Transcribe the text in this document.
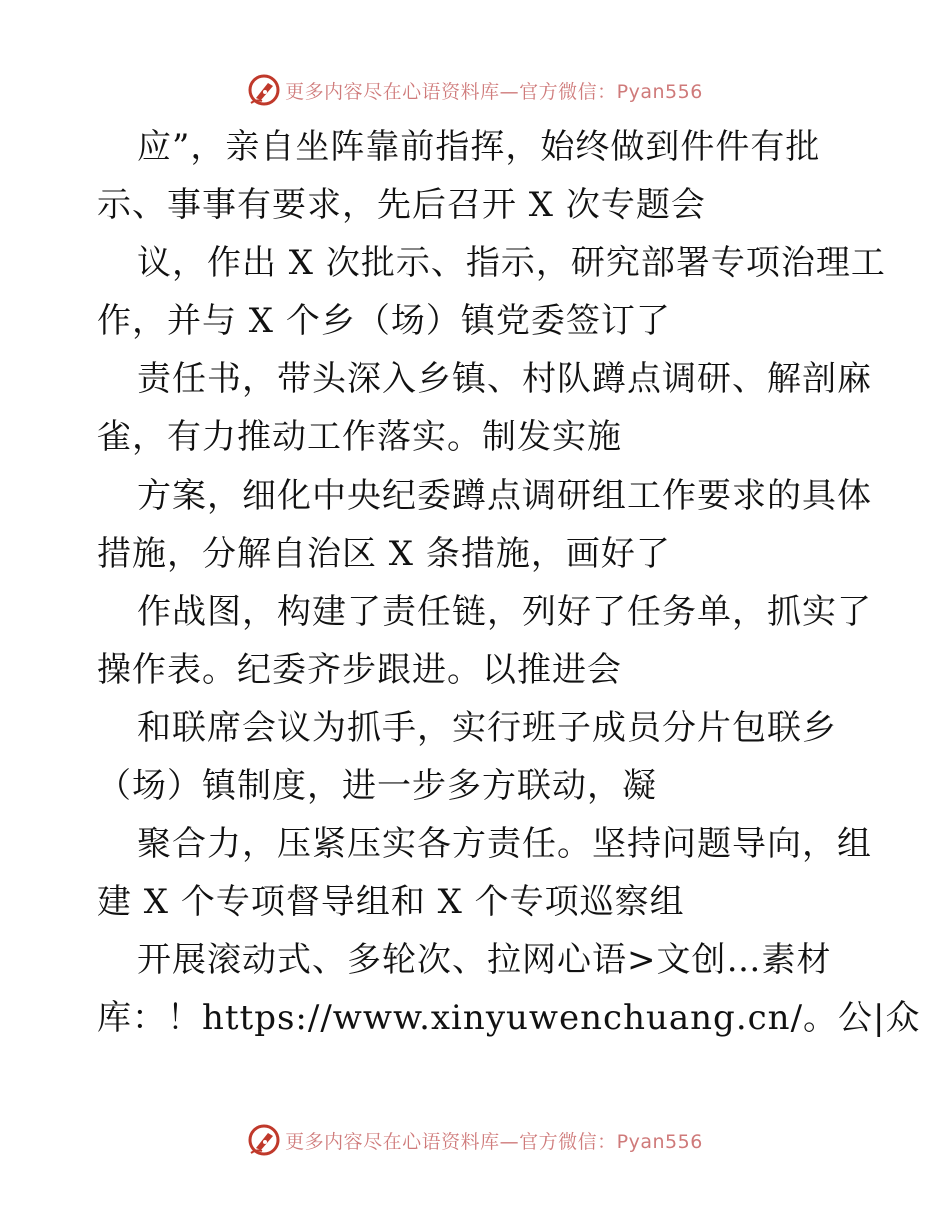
更多内容尽在心语资料库—官方微信：Pyan556
应”，亲自坐阵靠前指挥，始终做到件件有批
示、事事有要求，先后召开 X 次专题会
议，作出 X 次批示、指示，研究部署专项治理工
作，并与 X 个乡（场）镇党委签订了
责任书，带头深入乡镇、村队蹲点调研、解剖麻
雀，有力推动工作落实。制发实施
方案，细化中央纪委蹲点调研组工作要求的具体
措施，分解自治区 X 条措施，画好了
作战图，构建了责任链，列好了任务单，抓实了
操作表。纪委齐步跟进。以推进会
和联席会议为抓手，实行班子成员分片包联乡
（场）镇制度，进一步多方联动，凝
聚合力，压紧压实各方责任。坚持问题导向，组
建 X 个专项督导组和 X 个专项巡察组
开展滚动式、多轮次、拉网心语>文创…素材
库：！https://www.xinyuwenchuang.cn/。公|众
更多内容尽在心语资料库—官方微信：Pyan556
